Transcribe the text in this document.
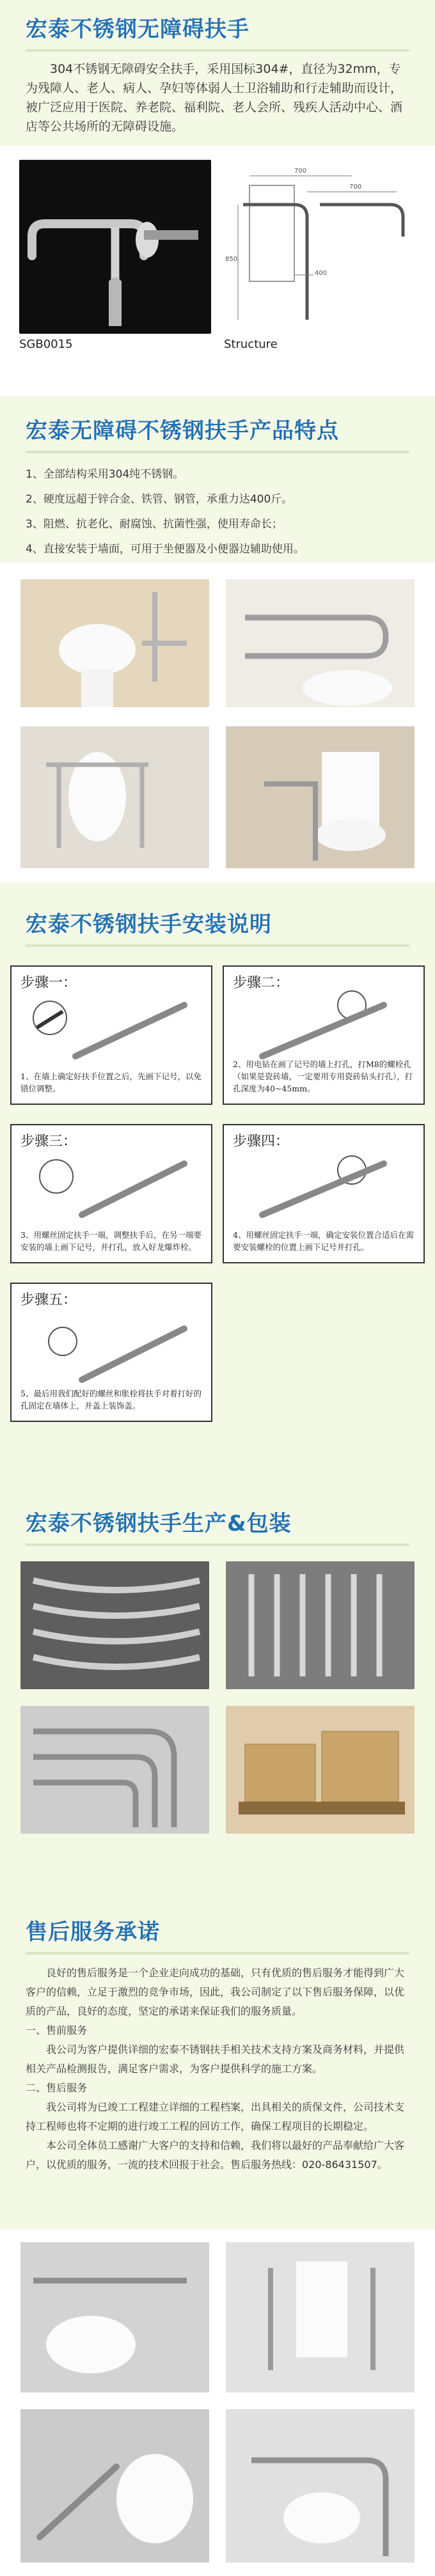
宏泰不锈钢无障碍扶手

304不锈钢无障碍安全扶手，采用国标304#，直径为32mm，专为残障人、老人、病人、孕妇等体弱人士卫浴辅助和行走辅助而设计，被广泛应用于医院、养老院、福利院、老人会所、残疾人活动中心、酒店等公共场所的无障碍设施。

SGB0015
700
700
850
400
Structure
宏泰无障碍不锈钢扶手产品特点
1、全部结构采用304纯不锈钢。
2、硬度远超于锌合金、铁管、钢管，承重力达400斤。
3、阻燃、抗老化、耐腐蚀、抗菌性强，使用寿命长；
4、直接安装于墙面，可用于坐便器及小便器边辅助使用。
宏泰不锈钢扶手安装说明
步骤一：
1、在墙上确定好扶手位置之后，先画下记号，以免错位调整。
步骤二：
2、用电钻在画了记号的墙上打孔，打M8的螺栓孔（如果是瓷砖墙，一定要用专用瓷砖钻头打孔），打孔深度为40~45mm。
步骤三：
3、用螺丝固定扶手一端，调整扶手后，在另一端要安装的墙上画下记号，并打孔，放入好龙爆炸栓。
步骤四：
4、用螺丝固定扶手一端，确定安装位置合适后在需要安装螺栓的位置上画下记号并打孔。
步骤五：
5、最后用我们配好的螺丝和胀栓将扶手对着打好的孔固定在墙体上，并盖上装饰盖。
宏泰不锈钢扶手生产&包装
售后服务承诺

良好的售后服务是一个企业走向成功的基础，只有优质的售后服务才能得到广大客户的信赖，立足于激烈的竞争市场，因此，我公司制定了以下售后服务保障，以优质的产品，良好的态度，坚定的承诺来保证我们的服务质量。

一、售前服务

我公司为客户提供详细的宏泰不锈钢扶手相关技术支持方案及商务材料，并提供相关产品检测报告，满足客户需求，为客户提供科学的施工方案。

二、售后服务

我公司将为已竣工工程建立详细的工程档案，出具相关的质保文件，公司技术支持工程师也将不定期的进行竣工工程的回访工作，确保工程项目的长期稳定。

本公司全体员工感谢广大客户的支持和信赖，我们将以最好的产品奉献给广大客户，以优质的服务，一流的技术回报于社会。售后服务热线：020-86431507。
